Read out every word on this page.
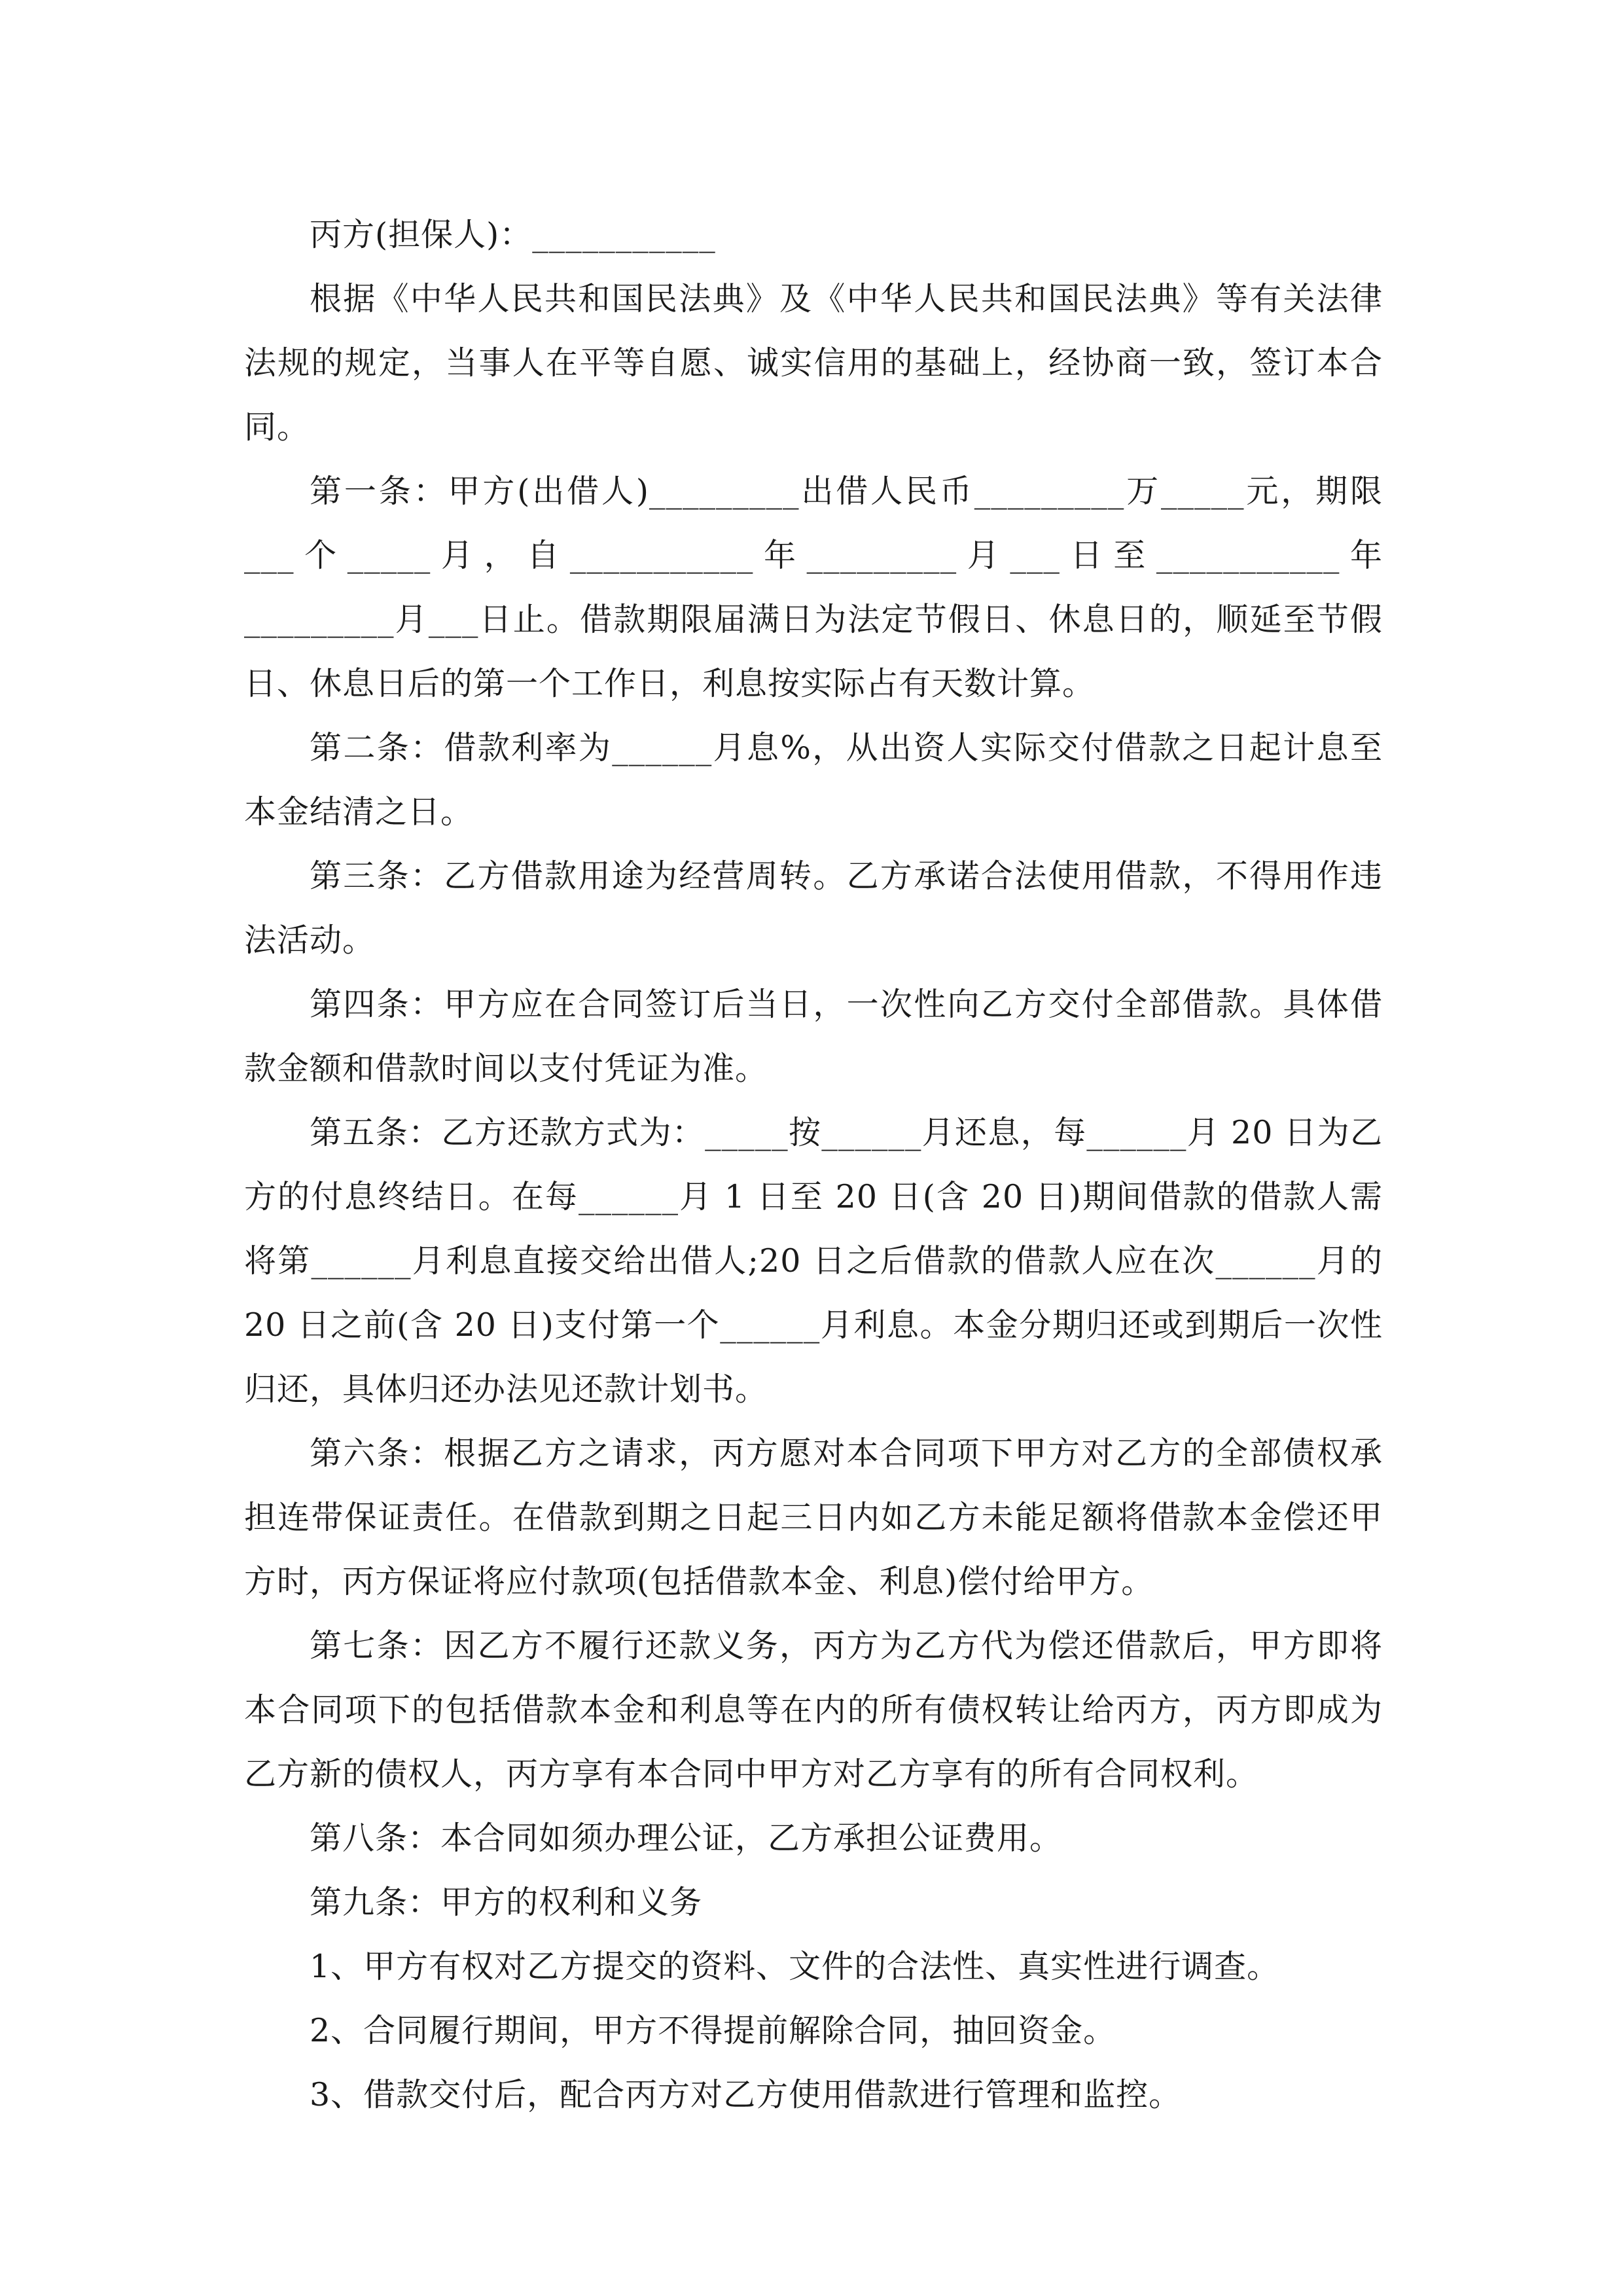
丙方(担保人)：___________

根据《中华人民共和国民法典》及《中华人民共和国民法典》等有关法律法规的规定，当事人在平等自愿、诚实信用的基础上，经协商一致，签订本合同。

第一条：甲方(出借人)_________出借人民币_________万_____元，期限___个_____月，自___________年_________月___日至___________年_________月___日止。借款期限届满日为法定节假日、休息日的，顺延至节假日、休息日后的第一个工作日，利息按实际占有天数计算。

第二条：借款利率为______月息%，从出资人实际交付借款之日起计息至本金结清之日。

第三条：乙方借款用途为经营周转。乙方承诺合法使用借款，不得用作违法活动。

第四条：甲方应在合同签订后当日，一次性向乙方交付全部借款。具体借款金额和借款时间以支付凭证为准。

第五条：乙方还款方式为：_____按______月还息，每______月 20 日为乙方的付息终结日。在每______月 1 日至 20 日(含 20 日)期间借款的借款人需将第______月利息直接交给出借人;20 日之后借款的借款人应在次______月的 20 日之前(含 20 日)支付第一个______月利息。本金分期归还或到期后一次性归还，具体归还办法见还款计划书。

第六条：根据乙方之请求，丙方愿对本合同项下甲方对乙方的全部债权承担连带保证责任。在借款到期之日起三日内如乙方未能足额将借款本金偿还甲方时，丙方保证将应付款项(包括借款本金、利息)偿付给甲方。

第七条：因乙方不履行还款义务，丙方为乙方代为偿还借款后，甲方即将本合同项下的包括借款本金和利息等在内的所有债权转让给丙方，丙方即成为乙方新的债权人，丙方享有本合同中甲方对乙方享有的所有合同权利。

第八条：本合同如须办理公证，乙方承担公证费用。

第九条：甲方的权利和义务

1、甲方有权对乙方提交的资料、文件的合法性、真实性进行调查。

2、合同履行期间，甲方不得提前解除合同，抽回资金。

3、借款交付后，配合丙方对乙方使用借款进行管理和监控。
